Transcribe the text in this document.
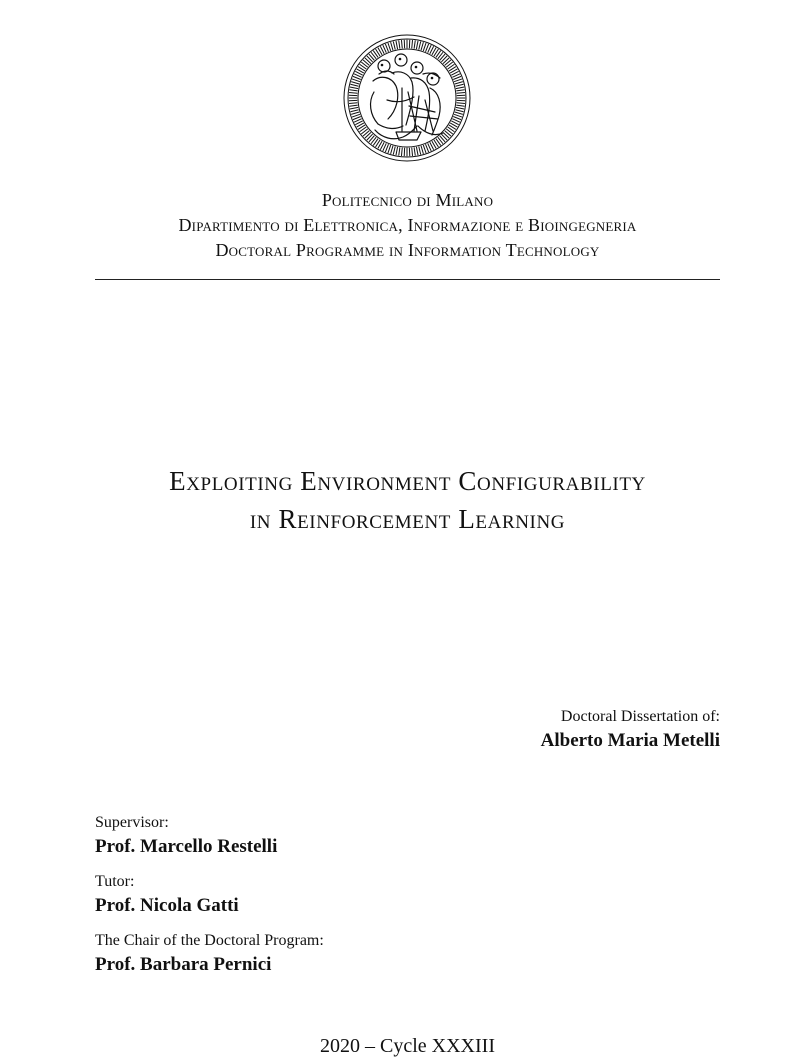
Politecnico di Milano
Dipartimento di Elettronica, Informazione e Bioingegneria
Doctoral Programme in Information Technology
Exploiting Environment Configurability
in Reinforcement Learning
Doctoral Dissertation of:
Alberto Maria Metelli
Supervisor:
Prof. Marcello Restelli
Tutor:
Prof. Nicola Gatti
The Chair of the Doctoral Program:
Prof. Barbara Pernici
2020 – Cycle XXXIII
